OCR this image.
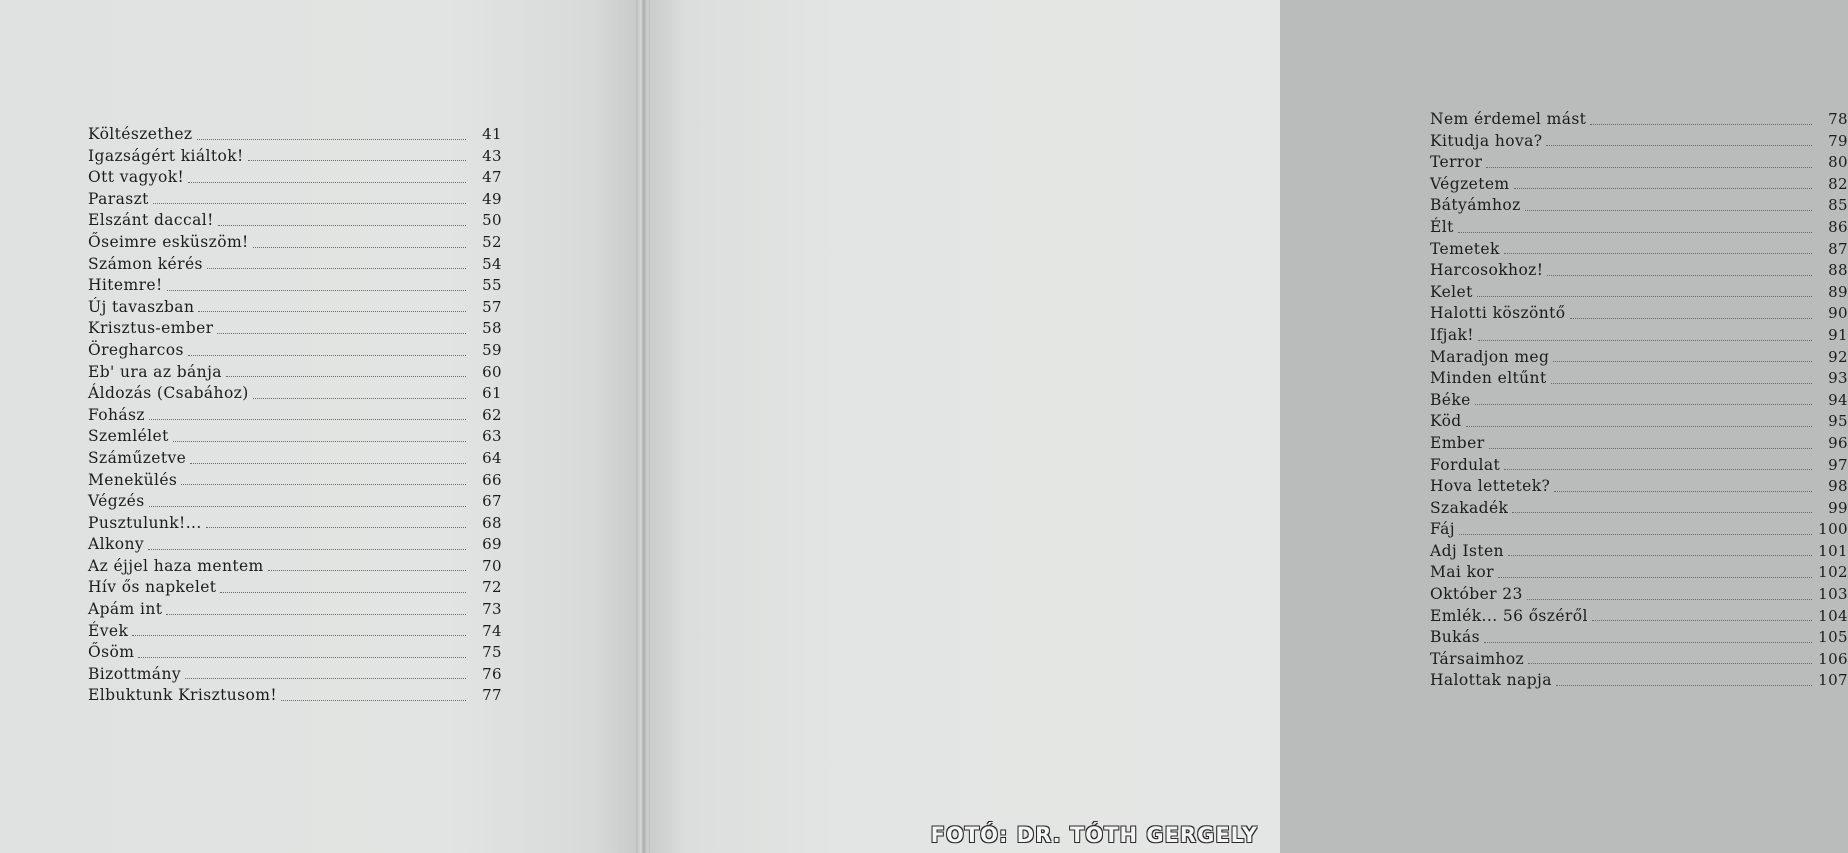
Költészethez	41
Igazságért kiáltok!	43
Ott vagyok!	47
Paraszt	49
Elszánt daccal!	50
Őseimre esküszöm!	52
Számon kérés	54
Hitemre!	55
Új tavaszban	57
Krisztus-ember	58
Öregharcos	59
Eb' ura az bánja	60
Áldozás (Csabához)	61
Fohász	62
Szemlélet	63
Száműzetve	64
Menekülés	66
Végzés	67
Pusztulunk!...	68
Alkony	69
Az éjjel haza mentem	70
Hív ős napkelet	72
Apám int	73
Évek	74
Ősöm	75
Bizottmány	76
Elbuktunk Krisztusom!	77
Nem érdemel mást	78
Kitudja hova?	79
Terror	80
Végzetem	82
Bátyámhoz	85
Élt	86
Temetek	87
Harcosokhoz!	88
Kelet	89
Halotti köszöntő	90
Ifjak!	91
Maradjon meg	92
Minden eltűnt	93
Béke	94
Köd	95
Ember	96
Fordulat	97
Hova lettetek?	98
Szakadék	99
Fáj	100
Adj Isten	101
Mai kor	102
Október 23	103
Emlék... 56 őszéről	104
Bukás	105
Társaimhoz	106
Halottak napja	107
FOTÓ: DR. TÓTH GERGELY
